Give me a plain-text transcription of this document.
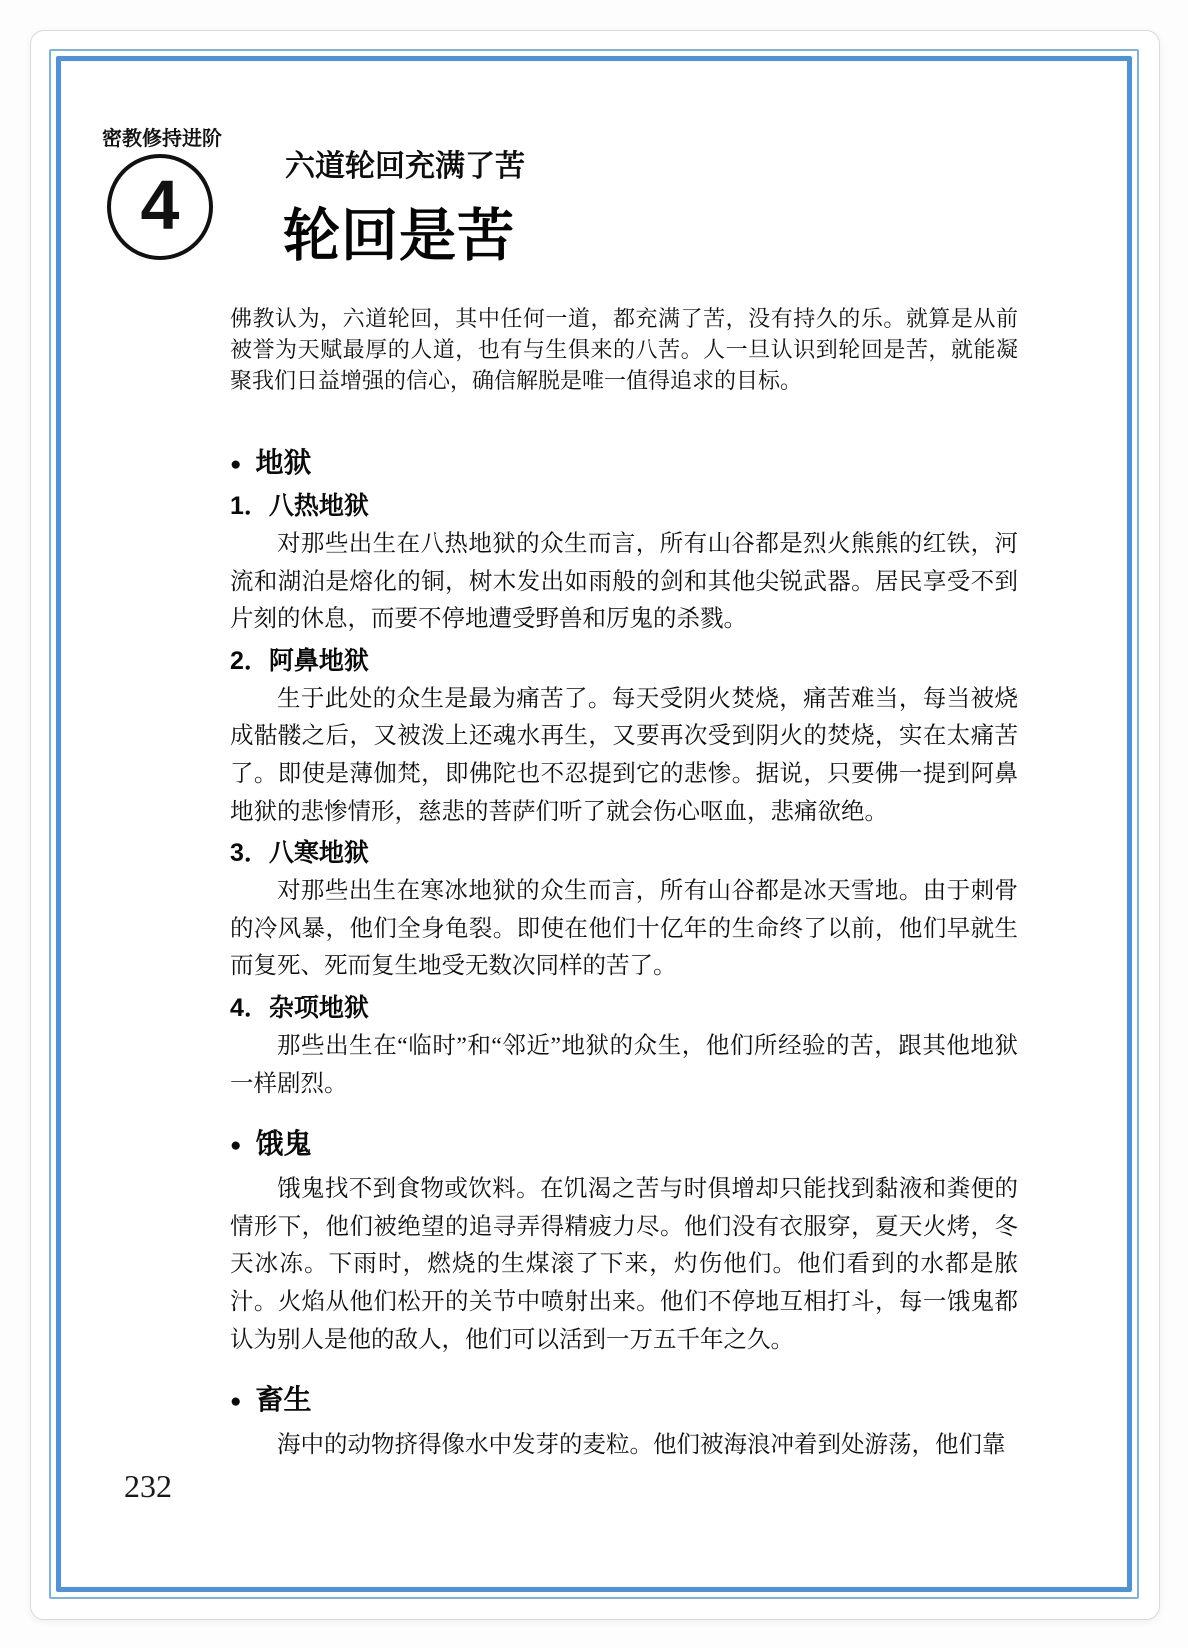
密教修持进阶
4	六道轮回充满了苦
轮回是苦

佛教认为，六道轮回，其中任何一道，都充满了苦，没有持久的乐。就算是从前被誉为天赋最厚的人道，也有与生俱来的八苦。人一旦认识到轮回是苦，就能凝聚我们日益增强的信心，确信解脱是唯一值得追求的目标。

● 地狱
1．八热地狱

对那些出生在八热地狱的众生而言，所有山谷都是烈火熊熊的红铁，河流和湖泊是熔化的铜，树木发出如雨般的剑和其他尖锐武器。居民享受不到片刻的休息，而要不停地遭受野兽和厉鬼的杀戮。

2．阿鼻地狱

生于此处的众生是最为痛苦了。每天受阴火焚烧，痛苦难当，每当被烧成骷髅之后，又被泼上还魂水再生，又要再次受到阴火的焚烧，实在太痛苦了。即使是薄伽梵，即佛陀也不忍提到它的悲惨。据说，只要佛一提到阿鼻地狱的悲惨情形，慈悲的菩萨们听了就会伤心呕血，悲痛欲绝。

3．八寒地狱

对那些出生在寒冰地狱的众生而言，所有山谷都是冰天雪地。由于刺骨的冷风暴，他们全身龟裂。即使在他们十亿年的生命终了以前，他们早就生而复死、死而复生地受无数次同样的苦了。

4．杂项地狱

那些出生在“临时”和“邻近”地狱的众生，他们所经验的苦，跟其他地狱一样剧烈。

● 饿鬼

饿鬼找不到食物或饮料。在饥渴之苦与时俱增却只能找到黏液和粪便的情形下，他们被绝望的追寻弄得精疲力尽。他们没有衣服穿，夏天火烤，冬天冰冻。下雨时，燃烧的生煤滚了下来，灼伤他们。他们看到的水都是脓汁。火焰从他们松开的关节中喷射出来。他们不停地互相打斗，每一饿鬼都认为别人是他的敌人，他们可以活到一万五千年之久。

● 畜生

海中的动物挤得像水中发芽的麦粒。他们被海浪冲着到处游荡，他们靠

232
